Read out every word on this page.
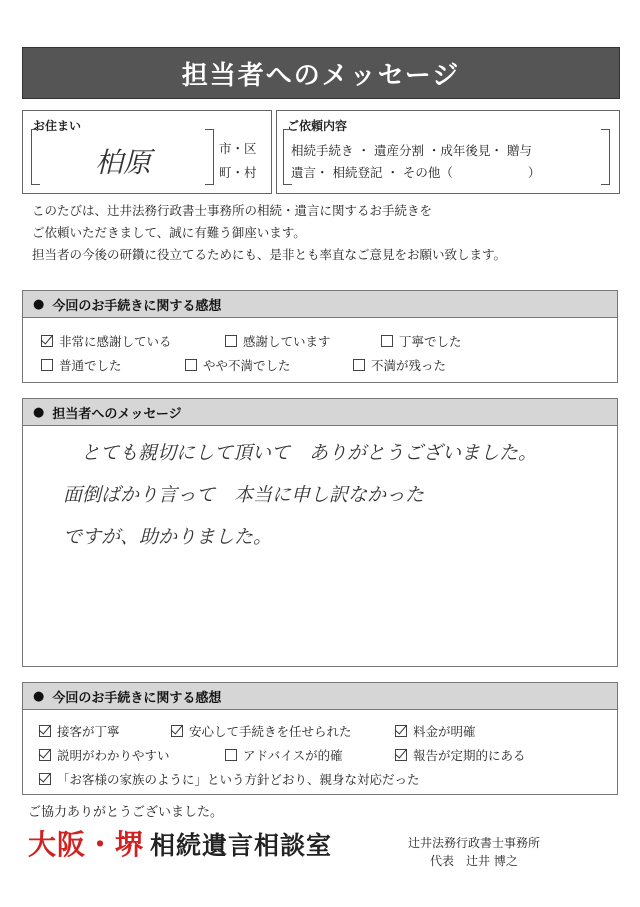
担当者へのメッセージ
お住まい
柏原	市・区
町・村
ご依頼内容
相続手続き ・ 遺産分割 ・成年後見・ 贈与
遺言・ 相続登記 ・ その他（　　　　　　）
このたびは、辻井法務行政書士事務所の相続・遺言に関するお手続きを
ご依頼いただきまして、誠に有難う御座います。
担当者の今後の研鑽に役立てるためにも、是非とも率直なご意見をお願い致します。
● 今回のお手続きに関する感想
非常に感謝している	感謝しています	丁寧でした
普通でした	やや不満でした	不満が残った
● 担当者へのメッセージ
とても親切にして頂いて　ありがとうございました。
面倒ばかり言って　本当に申し訳なかった
ですが、助かりました。
● 今回のお手続きに関する感想
接客が丁寧	安心して手続きを任せられた	料金が明確
説明がわかりやすい	アドバイスが的確	報告が定期的にある
「お客様の家族のように」という方針どおり、親身な対応だった
ご協力ありがとうございました。
大阪・堺 相続遺言相談室	辻井法務行政書士事務所
代表　辻井 博之
